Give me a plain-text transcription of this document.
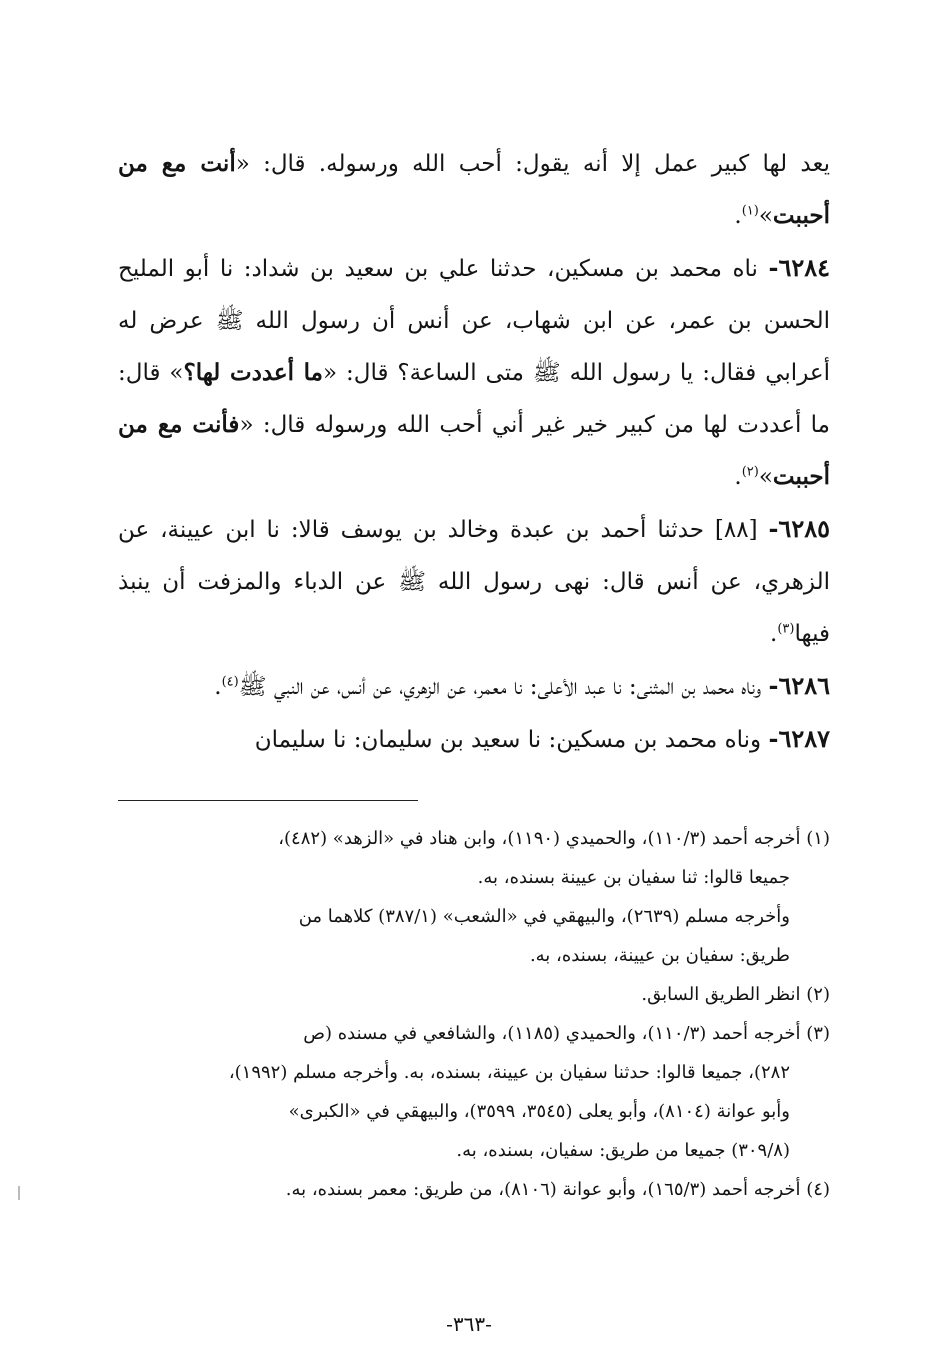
يعد لها كبير عمل إلا أنه يقول: أحب الله ورسوله. قال: «أنت مع من أحببت»$^{(١)}$.

٦٢٨٤- ناه محمد بن مسكين، حدثنا علي بن سعيد بن شداد: نا أبو المليح الحسن بن عمر، عن ابن شهاب، عن أنس أن رسول الله ﷺ عرض له أعرابي فقال: يا رسول الله ﷺ متى الساعة؟ قال: «ما أعددت لها؟» قال: ما أعددت لها من كبير خير غير أني أحب الله ورسوله قال: «فأنت مع من أحببت»$^{(٢)}$.

٦٢٨٥- [٨٨] حدثنا أحمد بن عبدة وخالد بن يوسف قالا: نا ابن عيينة، عن الزهري، عن أنس قال: نهى رسول الله ﷺ عن الدباء والمزفت أن ينبذ فيها$^{(٣)}$.

٦٢٨٦- وناه محمد بن المثنى: نا عبد الأعلى: نا معمر، عن الزهري، عن أنس، عن النبي ﷺ$^{(٤)}$.

٦٢٨٧- وناه محمد بن مسكين: نا سعيد بن سليمان: نا سليمان

(١) أخرجه أحمد (١١٠/٣)، والحميدي (١١٩٠)، وابن هناد في «الزهد» (٤٨٢)،

جميعا قالوا: ثنا سفيان بن عيينة بسنده، به.

وأخرجه مسلم (٢٦٣٩)، والبيهقي في «الشعب» (٣٨٧/١) كلاهما من

طريق: سفيان بن عيينة، بسنده، به.

(٢) انظر الطريق السابق.

(٣) أخرجه أحمد (١١٠/٣)، والحميدي (١١٨٥)، والشافعي في مسنده (ص

٢٨٢)، جميعا قالوا: حدثنا سفيان بن عيينة، بسنده، به. وأخرجه مسلم (١٩٩٢)،

وأبو عوانة (٨١٠٤)، وأبو يعلى (٣٥٤٥، ٣٥٩٩)، والبيهقي في «الكبرى»

(٣٠٩/٨) جميعا من طريق: سفيان، بسنده، به.

(٤) أخرجه أحمد (١٦٥/٣)، وأبو عوانة (٨١٠٦)، من طريق: معمر بسنده، به.

-٣٦٣-
